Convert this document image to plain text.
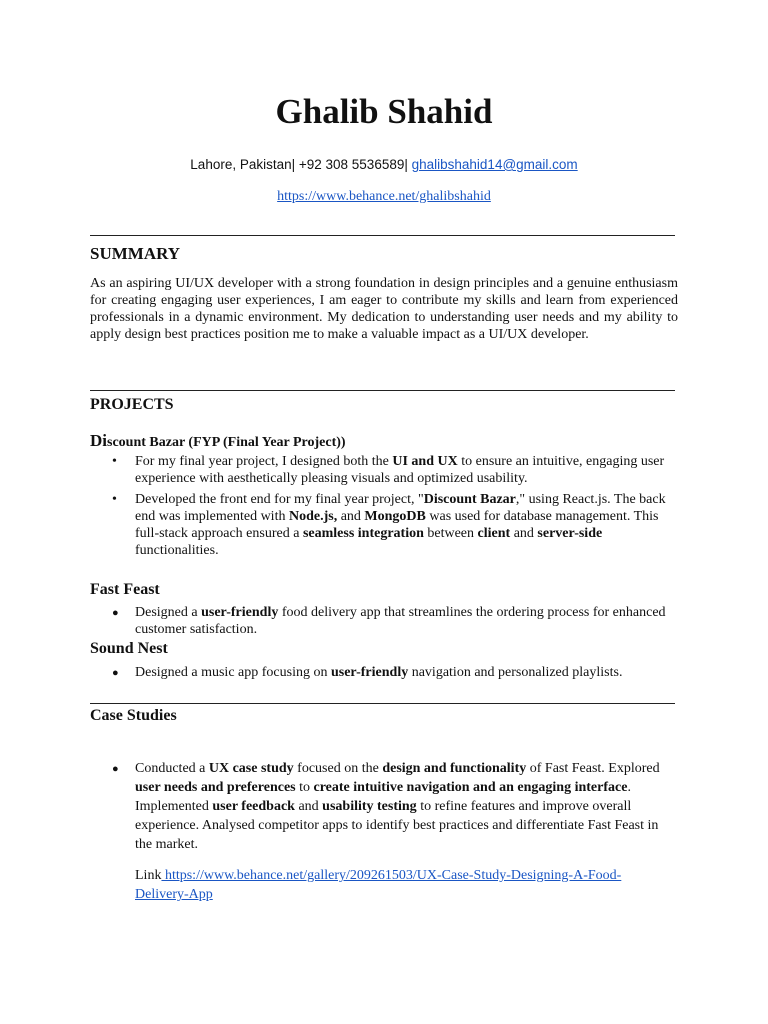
Ghalib Shahid
Lahore, Pakistan| +92 308 5536589| ghalibshahid14@gmail.com
https://www.behance.net/ghalibshahid
SUMMARY

As an aspiring UI/UX developer with a strong foundation in design principles and a genuine enthusiasm for creating engaging user experiences, I am eager to contribute my skills and learn from experienced professionals in a dynamic environment. My dedication to understanding user needs and my ability to apply design best practices position me to make a valuable impact as a UI/UX developer.

PROJECTS
Discount Bazar (FYP (Final Year Project))
• For my final year project, I designed both the UI and UX to ensure an intuitive, engaging user experience with aesthetically pleasing visuals and optimized usability.
• Developed the front end for my final year project, "Discount Bazar," using React.js. The back end was implemented with Node.js, and MongoDB was used for database management. This full-stack approach ensured a seamless integration between client and server-side functionalities.
Fast Feast
● Designed a user-friendly food delivery app that streamlines the ordering process for enhanced customer satisfaction.
Sound Nest
● Designed a music app focusing on user-friendly navigation and personalized playlists.
Case Studies
● Conducted a UX case study focused on the design and functionality of Fast Feast. Explored user needs and preferences to create intuitive navigation and an engaging interface. Implemented user feedback and usability testing to refine features and improve overall experience. Analysed competitor apps to identify best practices and differentiate Fast Feast in the market.
Link https://www.behance.net/gallery/209261503/UX-Case-Study-Designing-A-Food-Delivery-App
